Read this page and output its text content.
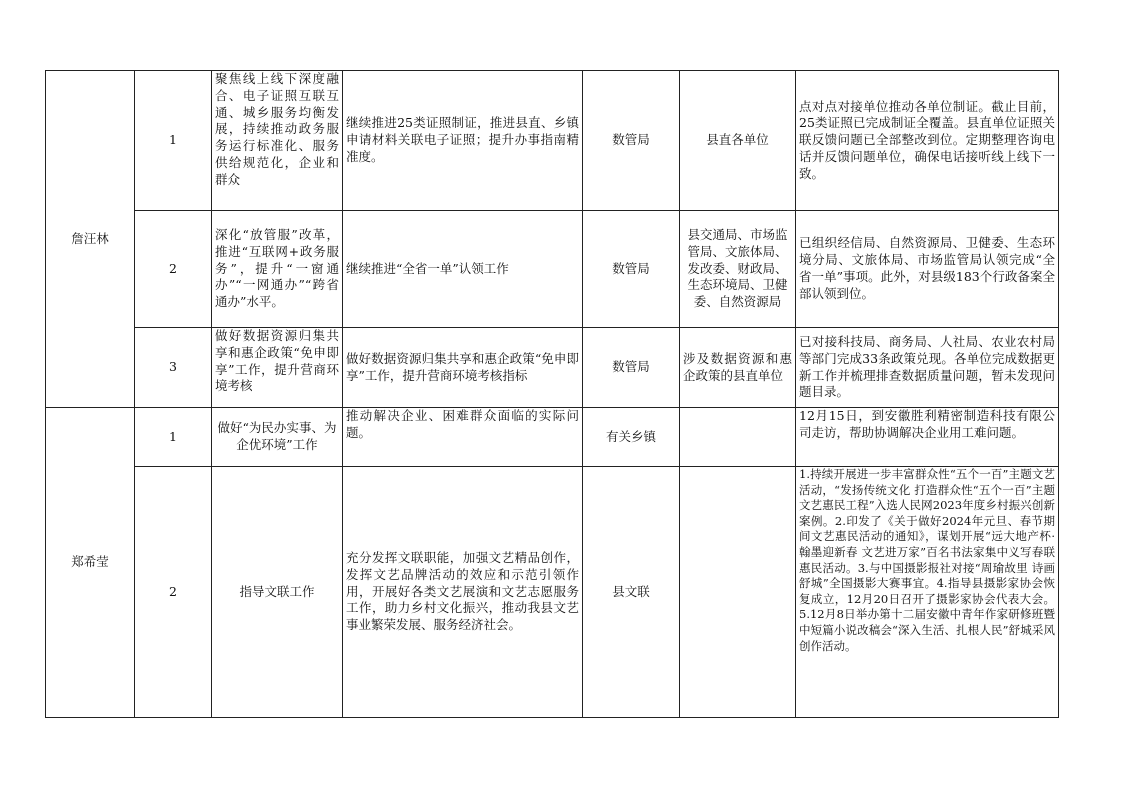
詹汪林	1	聚焦线上线下深度融合、电子证照互联互通、城乡服务均衡发展，持续推动政务服务运行标准化、服务供给规范化，企业和群众	继续推进25类证照制证，推进县直、乡镇申请材料关联电子证照；提升办事指南精准度。	数管局	县直各单位	点对点对接单位推动各单位制证。截止目前，25类证照已完成制证全覆盖。县直单位证照关联反馈问题已全部整改到位。定期整理咨询电话并反馈问题单位，确保电话接听线上线下一致。
	2	深化“放管服”改革，推进“互联网+政务服务”，提升“一窗通办”“一网通办”“跨省通办”水平。	继续推进“全省一单”认领工作	数管局	县交通局、市场监管局、文旅体局、发改委、财政局、生态环境局、卫健委、自然资源局	已组织经信局、自然资源局、卫健委、生态环境分局、文旅体局、市场监管局认领完成“全省一单”事项。此外，对县级183个行政备案全部认领到位。
	3	做好数据资源归集共享和惠企政策“免申即享”工作，提升营商环境考核	做好数据资源归集共享和惠企政策“免申即享”工作，提升营商环境考核指标	数管局	涉及数据资源和惠企政策的县直单位	已对接科技局、商务局、人社局、农业农村局等部门完成33条政策兑现。各单位完成数据更新工作并梳理排查数据质量问题，暂未发现问题目录。
郑希莹	1	做好“为民办实事、为企优环境”工作	推动解决企业、困难群众面临的实际问题。	有关乡镇		12月15日，到安徽胜利精密制造科技有限公司走访，帮助协调解决企业用工难问题。
	2	指导文联工作	充分发挥文联职能，加强文艺精品创作，发挥文艺品牌活动的效应和示范引领作用，开展好各类文艺展演和文艺志愿服务工作，助力乡村文化振兴，推动我县文艺事业繁荣发展、服务经济社会。	县文联		1.持续开展进一步丰富群众性“五个一百”主题文艺活动，“发扬传统文化 打造群众性“五个一百”主题文艺惠民工程”入选人民网2023年度乡村振兴创新案例。2.印发了《关于做好2024年元旦、春节期间文艺惠民活动的通知》，谋划开展“远大地产杯·翰墨迎新春 文艺进万家”百名书法家集中义写春联惠民活动。3.与中国摄影报社对接“周瑜故里 诗画舒城”全国摄影大赛事宜。4.指导县摄影家协会恢复成立，12月20日召开了摄影家协会代表大会。5.12月8日举办第十二届安徽中青年作家研修班暨中短篇小说改稿会“深入生活、扎根人民”舒城采风创作活动。
